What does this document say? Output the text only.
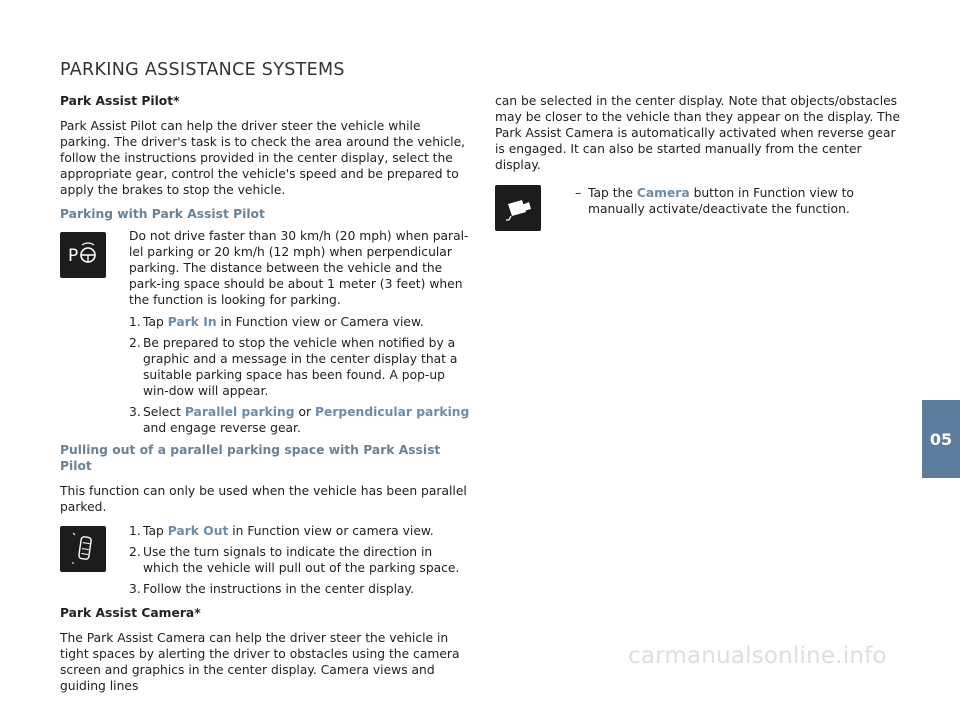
PARKING ASSISTANCE SYSTEMS

Park Assist Pilot*

Park Assist Pilot can help the driver steer the vehicle while parking. The driver's task is to check the area around the vehicle, follow the instructions provided in the center display, select the appropriate gear, control the vehicle's speed and be prepared to apply the brakes to stop the vehicle.

Parking with Park Assist Pilot

P

Do not drive faster than 30 km/h (20 mph) when paral-lel parking or 20 km/h (12 mph) when perpendicular parking. The distance between the vehicle and the park-ing space should be about 1 meter (3 feet) when the function is looking for parking.

1. Tap Park In in Function view or Camera view.
2. Be prepared to stop the vehicle when notified by a graphic and a message in the center display that a suitable parking space has been found. A pop-up win-dow will appear.
3. Select Parallel parking or Perpendicular parking and engage reverse gear.

Pulling out of a parallel parking space with Park Assist Pilot

This function can only be used when the vehicle has been parallel parked.

1. Tap Park Out in Function view or camera view.
2. Use the turn signals to indicate the direction in which the vehicle will pull out of the parking space.
3. Follow the instructions in the center display.

Park Assist Camera*

The Park Assist Camera can help the driver steer the vehicle in tight spaces by alerting the driver to obstacles using the camera screen and graphics in the center display. Camera views and guiding lines

can be selected in the center display. Note that objects/obstacles may be closer to the vehicle than they appear on the display. The Park Assist Camera is automatically activated when reverse gear is engaged. It can also be started manually from the center display.

– Tap the Camera button in Function view to manually activate/deactivate the function.
05
carmanualsonline.info
